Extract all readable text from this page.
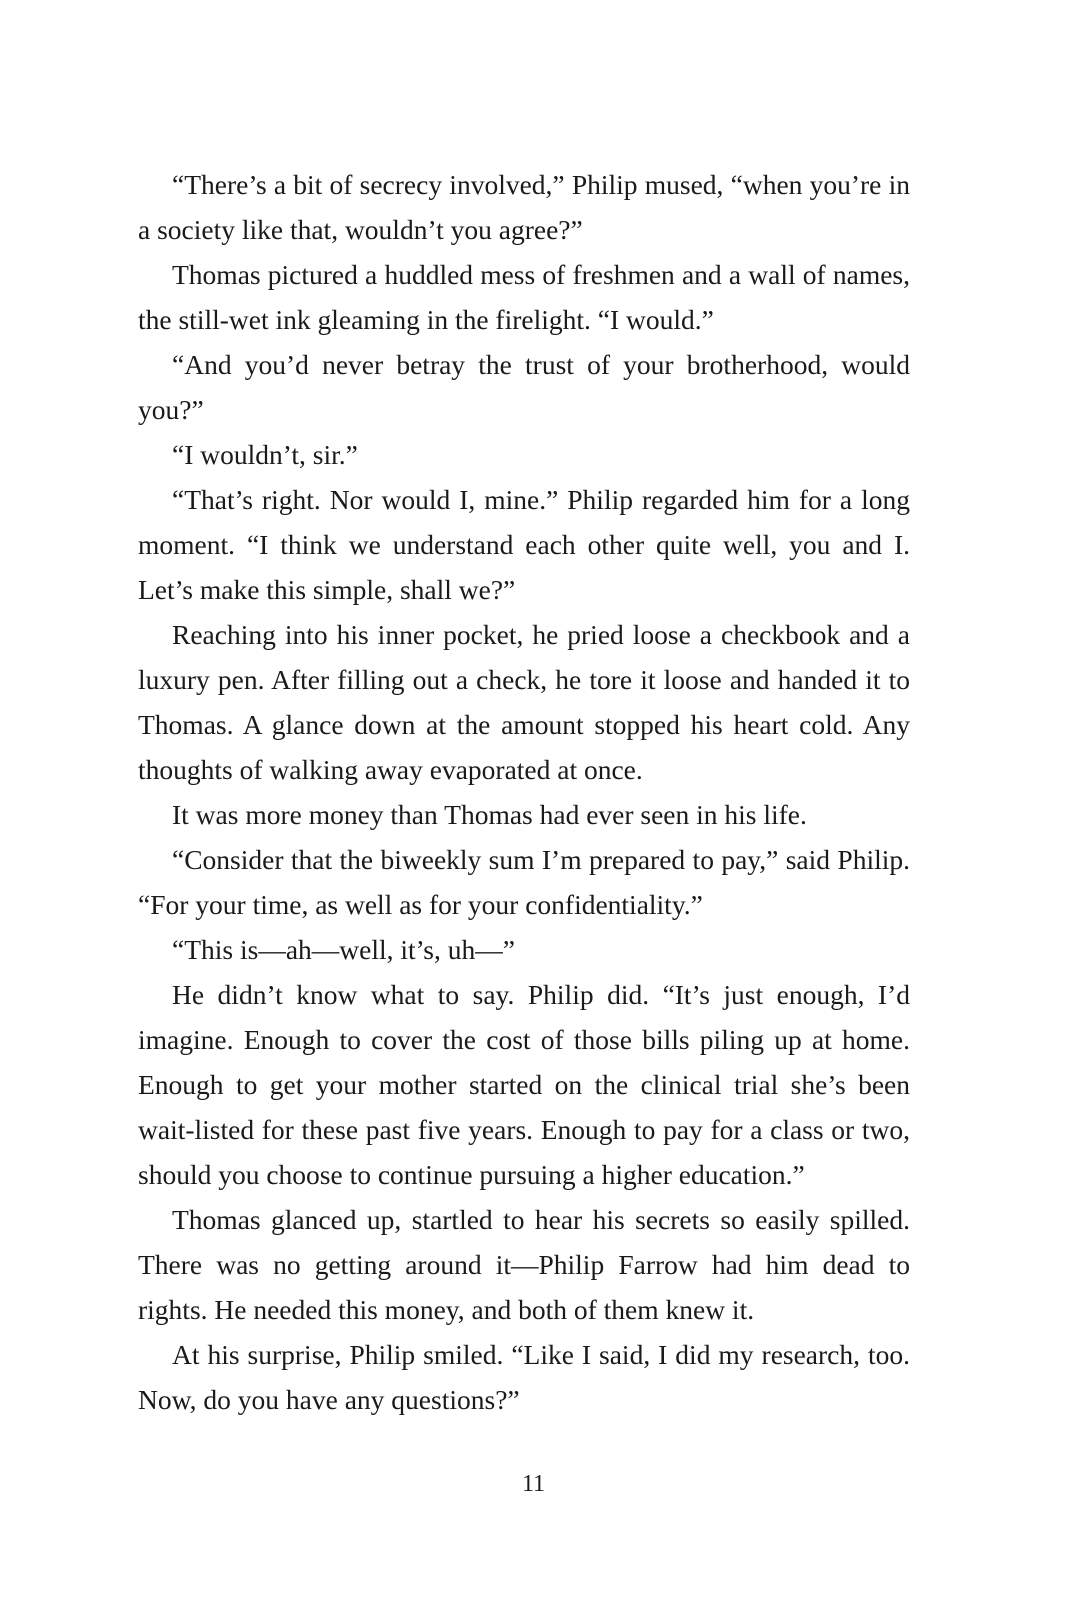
“There’s a bit of secrecy involved,” Philip mused, “when you’re in a society like that, wouldn’t you agree?”

Thomas pictured a huddled mess of freshmen and a wall of names, the still-wet ink gleaming in the firelight. “I would.”

“And you’d never betray the trust of your brotherhood, would you?”

“I wouldn’t, sir.”

“That’s right. Nor would I, mine.” Philip regarded him for a long moment. “I think we understand each other quite well, you and I. Let’s make this simple, shall we?”

Reaching into his inner pocket, he pried loose a checkbook and a luxury pen. After filling out a check, he tore it loose and handed it to Thomas. A glance down at the amount stopped his heart cold. Any thoughts of walking away evaporated at once.

It was more money than Thomas had ever seen in his life.

“Consider that the biweekly sum I’m prepared to pay,” said Philip. “For your time, as well as for your confidentiality.”

“This is—ah—well, it’s, uh—”

He didn’t know what to say. Philip did. “It’s just enough, I’d imagine. Enough to cover the cost of those bills piling up at home. Enough to get your mother started on the clinical trial she’s been wait-listed for these past five years. Enough to pay for a class or two, should you choose to continue pursuing a higher education.”

Thomas glanced up, startled to hear his secrets so easily spilled. There was no getting around it—Philip Farrow had him dead to rights. He needed this money, and both of them knew it.

At his surprise, Philip smiled. “Like I said, I did my research, too. Now, do you have any questions?”

11
